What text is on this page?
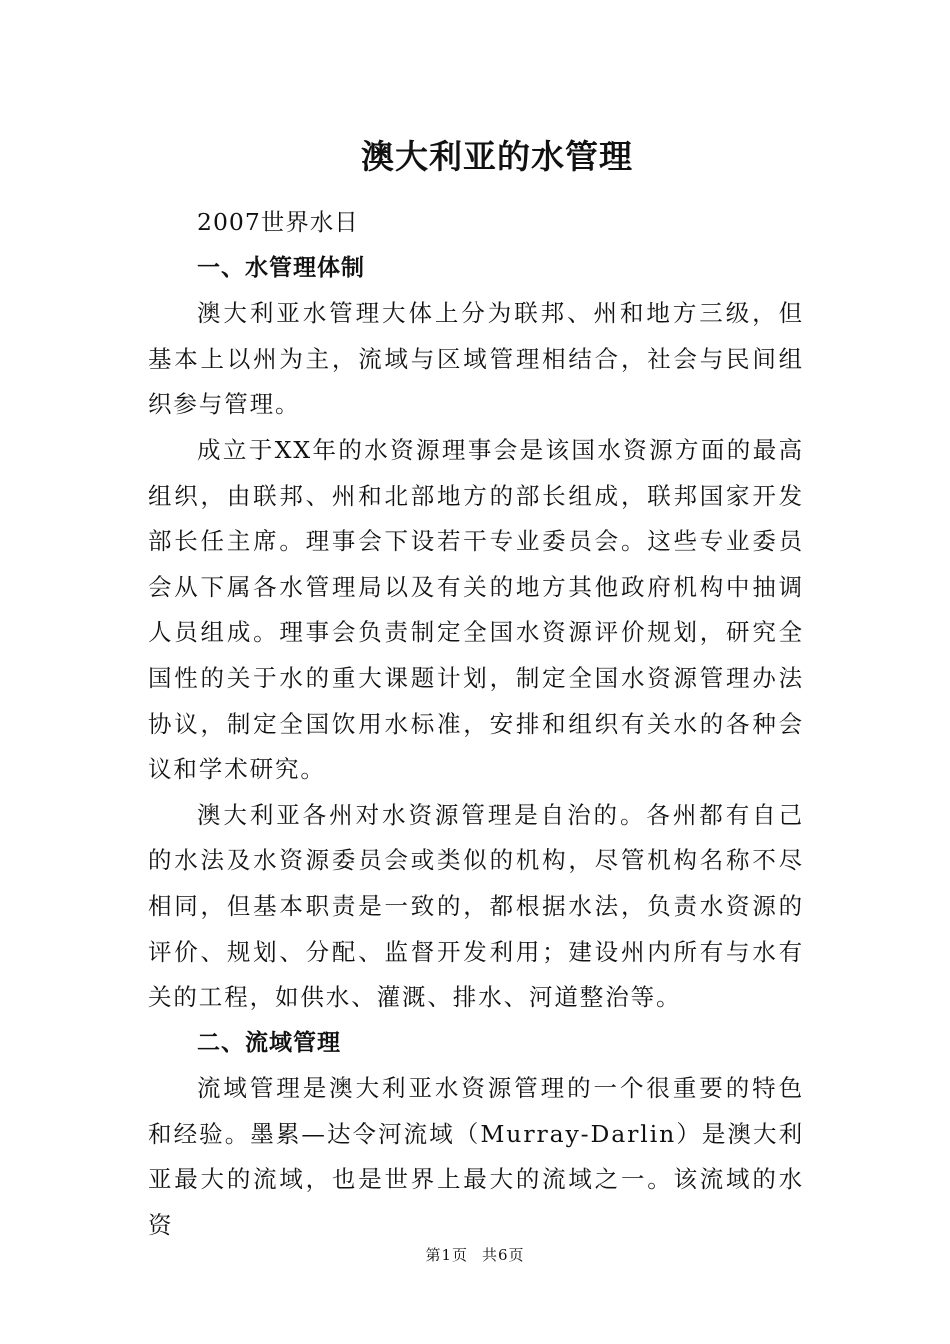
澳大利亚的水管理

2007世界水日

一、水管理体制

澳大利亚水管理大体上分为联邦、州和地方三级，但基本上以州为主，流域与区域管理相结合，社会与民间组织参与管理。

成立于XX年的水资源理事会是该国水资源方面的最高组织，由联邦、州和北部地方的部长组成，联邦国家开发部长任主席。理事会下设若干专业委员会。这些专业委员会从下属各水管理局以及有关的地方其他政府机构中抽调人员组成。理事会负责制定全国水资源评价规划，研究全国性的关于水的重大课题计划，制定全国水资源管理办法协议，制定全国饮用水标准，安排和组织有关水的各种会议和学术研究。

澳大利亚各州对水资源管理是自治的。各州都有自己的水法及水资源委员会或类似的机构，尽管机构名称不尽相同，但基本职责是一致的，都根据水法，负责水资源的评价、规划、分配、监督开发利用；建设州内所有与水有关的工程，如供水、灌溉、排水、河道整治等。

二、流域管理

流域管理是澳大利亚水资源管理的一个很重要的特色和经验。墨累—达令河流域（Murray-Darlin）是澳大利亚最大的流域，也是世界上最大的流域之一。该流域的水资

第1页 共6页
